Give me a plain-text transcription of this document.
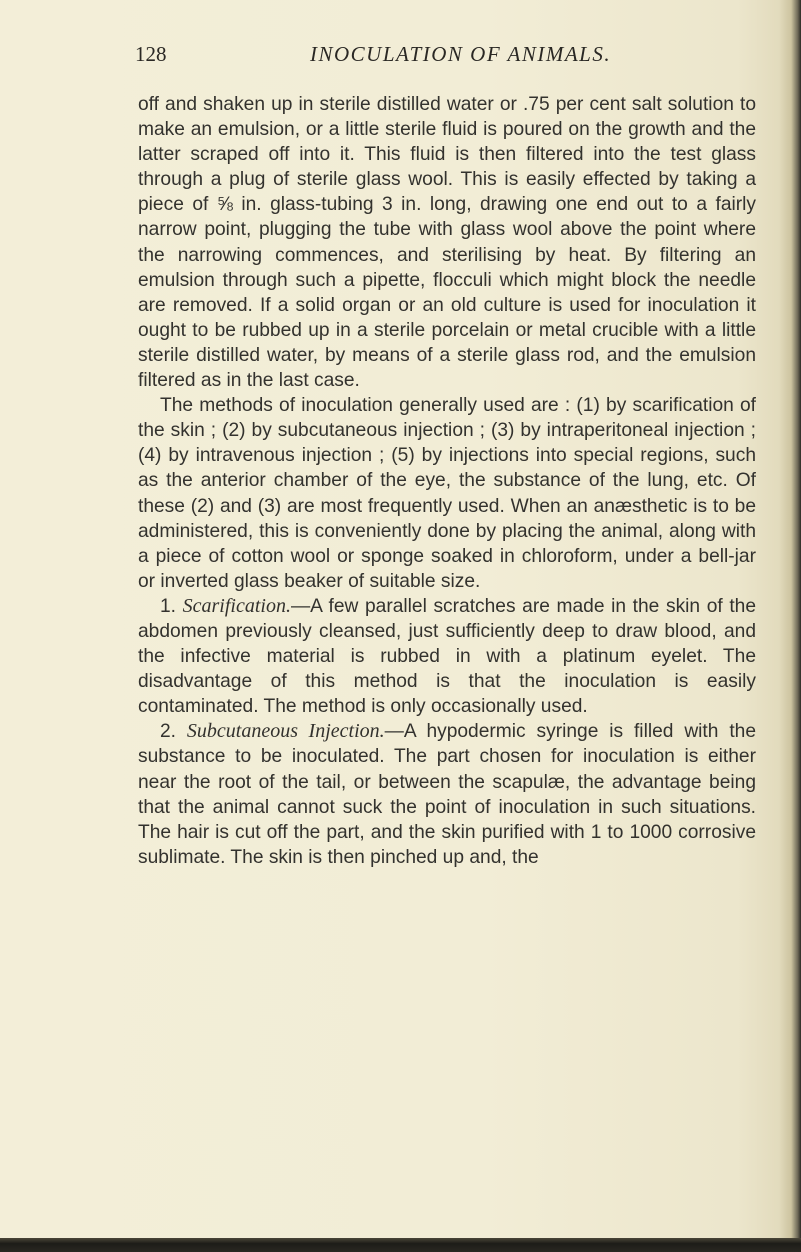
128	INOCULATION OF ANIMALS.

off and shaken up in sterile distilled water or .75 per cent salt solution to make an emulsion, or a little sterile fluid is poured on the growth and the latter scraped off into it. This fluid is then filtered into the test glass through a plug of sterile glass wool. This is easily effected by taking a piece of ⅝ in. glass-tubing 3 in. long, drawing one end out to a fairly narrow point, plugging the tube with glass wool above the point where the narrowing commences, and sterilising by heat. By filtering an emulsion through such a pipette, flocculi which might block the needle are removed. If a solid organ or an old culture is used for inoculation it ought to be rubbed up in a sterile porcelain or metal crucible with a little sterile distilled water, by means of a sterile glass rod, and the emulsion filtered as in the last case.

The methods of inoculation generally used are : (1) by scarification of the skin ; (2) by subcutaneous injection ; (3) by intraperitoneal injection ; (4) by intravenous injection ; (5) by injections into special regions, such as the anterior chamber of the eye, the substance of the lung, etc. Of these (2) and (3) are most frequently used. When an anæsthetic is to be administered, this is conveniently done by placing the animal, along with a piece of cotton wool or sponge soaked in chloroform, under a bell-jar or inverted glass beaker of suitable size.

1. Scarification.—A few parallel scratches are made in the skin of the abdomen previously cleansed, just sufficiently deep to draw blood, and the infective material is rubbed in with a platinum eyelet. The disadvantage of this method is that the inoculation is easily contaminated. The method is only occasionally used.

2. Subcutaneous Injection.—A hypodermic syringe is filled with the substance to be inoculated. The part chosen for inoculation is either near the root of the tail, or between the scapulæ, the advantage being that the animal cannot suck the point of inoculation in such situations. The hair is cut off the part, and the skin purified with 1 to 1000 corrosive sublimate. The skin is then pinched up and, the
